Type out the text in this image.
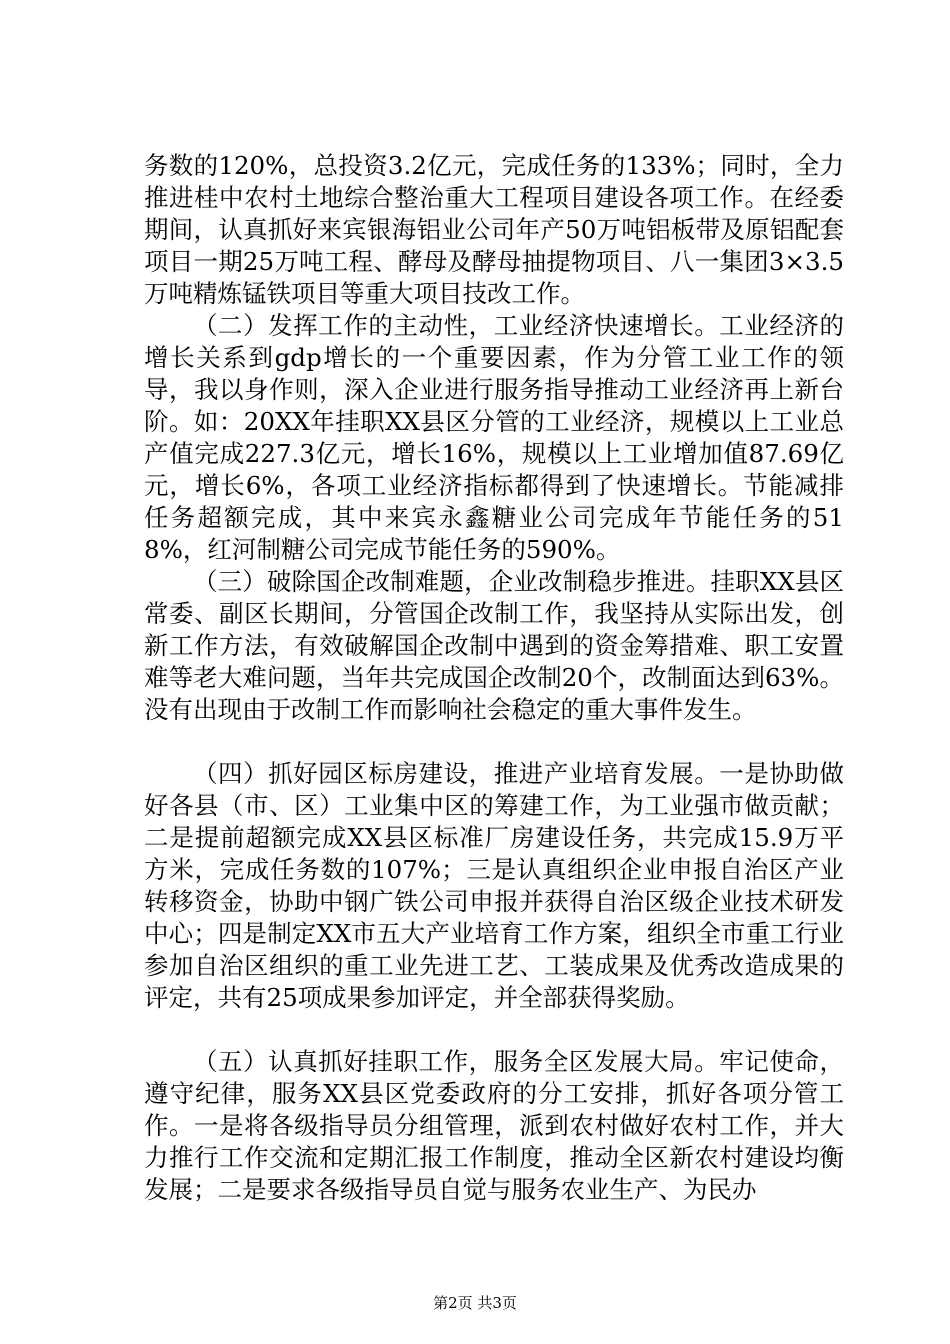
务数的120%，总投资3.2亿元，完成任务的133%；同时，全力推进桂中农村土地综合整治重大工程项目建设各项工作。在经委期间，认真抓好来宾银海铝业公司年产50万吨铝板带及原铝配套项目一期25万吨工程、酵母及酵母抽提物项目、八一集团3×3.5万吨精炼锰铁项目等重大项目技改工作。

（二）发挥工作的主动性，工业经济快速增长。工业经济的增长关系到gdp增长的一个重要因素，作为分管工业工作的领导，我以身作则，深入企业进行服务指导推动工业经济再上新台阶。如：20XX年挂职XX县区分管的工业经济，规模以上工业总产值完成227.3亿元，增长16%，规模以上工业增加值87.69亿元，增长6%，各项工业经济指标都得到了快速增长。节能减排任务超额完成，其中来宾永鑫糖业公司完成年节能任务的518%，红河制糖公司完成节能任务的590%。

（三）破除国企改制难题，企业改制稳步推进。挂职XX县区常委、副区长期间，分管国企改制工作，我坚持从实际出发，创新工作方法，有效破解国企改制中遇到的资金筹措难、职工安置难等老大难问题，当年共完成国企改制20个，改制面达到63%。没有出现由于改制工作而影响社会稳定的重大事件发生。

（四）抓好园区标房建设，推进产业培育发展。一是协助做好各县（市、区）工业集中区的筹建工作，为工业强市做贡献；二是提前超额完成XX县区标准厂房建设任务，共完成15.9万平方米，完成任务数的107%；三是认真组织企业申报自治区产业转移资金，协助中钢广铁公司申报并获得自治区级企业技术研发中心；四是制定XX市五大产业培育工作方案，组织全市重工行业参加自治区组织的重工业先进工艺、工装成果及优秀改造成果的评定，共有25项成果参加评定，并全部获得奖励。

（五）认真抓好挂职工作，服务全区发展大局。牢记使命，遵守纪律，服务XX县区党委政府的分工安排，抓好各项分管工作。一是将各级指导员分组管理，派到农村做好农村工作，并大力推行工作交流和定期汇报工作制度，推动全区新农村建设均衡发展；二是要求各级指导员自觉与服务农业生产、为民办

第2页 共3页
